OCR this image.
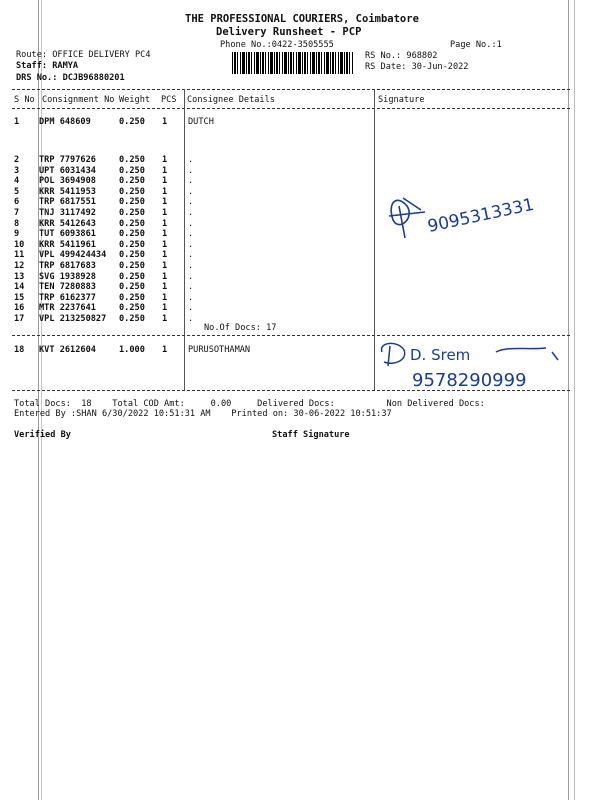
THE PROFESSIONAL COURIERS, Coimbatore
Delivery Runsheet - PCP
Phone No.:0422-3505555	Page No.:1
Route: OFFICE DELIVERY PC4
Staff: RAMYA
DRS No.: DCJB96880201
RS No.: 968802
RS Date: 30-Jun-2022
S No Consignment No Weight PCS Consignee Details	Signature
1 DPM 648609	0.250 1 DUTCH
2 TRP 7797626	0.250 1 .
3 UPT 6031434	0.250 1 .
4 POL 3694908	0.250 1 .
5 KRR 5411953	0.250 1 .
6 TRP 6817551	0.250 1 .
7 TNJ 3117492	0.250 1 .
8 KRR 5412643	0.250 1 .
9 TUT 6093861	0.250 1 .
10 KRR 5411961	0.250 1 .
11 VPL 499424434 0.250 1 .
12 TRP 6817683	0.250 1 .
13 SVG 1938928	0.250 1 .
14 TEN 7280883	0.250 1 .
15 TRP 6162377	0.250 1 .
16 MTR 2237641	0.250 1 .
17 VPL 213250827 0.250 1 .
18 KVT 2612604	1.000 1 PURUSOTHAMAN
No.Of Docs: 17
9095313331
D. Srem
9578290999
Total Docs:  18    Total COD Amt:     0.00     Delivered Docs:          Non Delivered Docs:
Entered By :SHAN 6/30/2022 10:51:31 AM    Printed on: 30-06-2022 10:51:37
Verified By	Staff Signature
